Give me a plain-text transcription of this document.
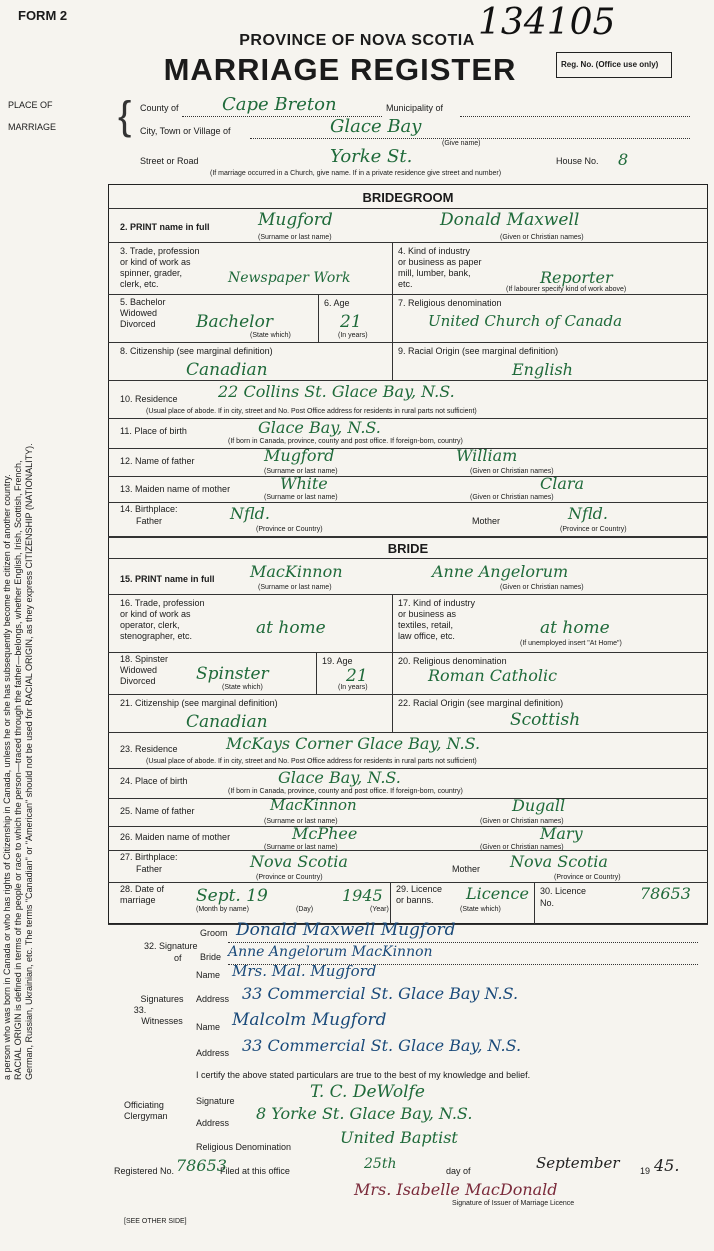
FORM 2	134105
PROVINCE OF NOVA SCOTIA
MARRIAGE REGISTER	Reg. No. (Office use only)
PLACE OF
MARRIAGE { County of Cape Breton	Municipality of
City, Town or Village of	Glace Bay
(Give name)
Street or Road	Yorke St.	House No. 8
(If marriage occurred in a Church, give name. If in a private residence give street and number)
BRIDEGROOM
2. PRINT name in full	Mugford	Donald Maxwell
(Surname or last name)	(Given or Christian names)
3. Trade, profession
or kind of work as
spinner, grader,
clerk, etc.	Newspaper Work
4. Kind of industry
or business as paper
mill, lumber, bank,
etc.	Reporter
(If labourer specify kind of work above)
5. Bachelor
Widowed
Divorced	Bachelor
(State which)
6. Age
21
(In years)
7. Religious denomination
United Church of Canada
8. Citizenship (see marginal definition)
Canadian
9. Racial Origin (see marginal definition)
English
10. Residence	22 Collins St. Glace Bay, N.S.
(Usual place of abode. If in city, street and No. Post Office address for residents in rural parts not sufficient)
11. Place of birth	Glace Bay, N.S.
(If born in Canada, province, county and post office. If foreign-born, country)
12. Name of father	Mugford	William
(Surname or last name)	(Given or Christian names)
13. Maiden name of mother	White	Clara
(Surname or last name)	(Given or Christian names)
14. Birthplace:
Father	Nfld.	Mother	Nfld.
(Province or Country)	(Province or Country)
BRIDE
15. PRINT name in full MacKinnon	Anne Angelorum
(Surname or last name)	(Given or Christian names)
16. Trade, profession
or kind of work as
operator, clerk,
stenographer, etc.	at home
17. Kind of industry
or business as
textiles, retail,
law office, etc.	at home
(If unemployed insert "At Home")
18. Spinster
Widowed
Divorced	Spinster
(State which)
19. Age
21
(In years)
20. Religious denomination
Roman Catholic
21. Citizenship (see marginal definition)
Canadian
22. Racial Origin (see marginal definition)
Scottish
23. Residence	McKays Corner Glace Bay, N.S.
(Usual place of abode. If in city, street and No. Post Office address for residents in rural parts not sufficient)
24. Place of birth	Glace Bay, N.S.
(If born in Canada, province, county and post office. If foreign-born, country)
25. Name of father	MacKinnon	Dugall
(Surname or last name)	(Given or Christian names)
26. Maiden name of mother	McPhee	Mary
(Surname or last name)	(Given or Christian names)
27. Birthplace:
Father	Nova Scotia	Mother Nova Scotia
(Province or Country)	(Province or Country)
28. Date of
marriage	Sept. 19	1945
(Month by name)	(Day)	(Year)
29. Licence
or banns.	Licence
(State which)
30. Licence
No.	78653
32. Signature
of
Groom Donald Maxwell Mugford
Bride Anne Angelorum MacKinnon
Signatures
33.
Witnesses
Name Mrs. Mal. Mugford
Address 33 Commercial St. Glace Bay N.S.
Name Malcolm Mugford
Address 33 Commercial St. Glace Bay, N.S.
I certify the above stated particulars are true to the best of my knowledge and belief.
Officiating
Clergyman
Signature	T. C. DeWolfe
Address 8 Yorke St. Glace Bay, N.S.
Religious Denomination	United Baptist
Registered No. 78653
Filed at this office	25th	day of	September 19 45.
Mrs. Isabelle MacDonald
Signature of Issuer of Marriage Licence
[SEE OTHER SIDE]
a person who was born in Canada or who has rights of Citizenship in Canada, unless he or she has subsequently become the citizen of another country. RACIAL ORIGIN is defined in terms of the people or race to which the person—traced through the father—belongs, whether English, Irish, Scottish, French, German, Russian, Ukrainian, etc. The terms "Canadian" or "American" should not be used for RACIAL ORIGIN, as they express CITIZENSHIP (NATIONALITY).
